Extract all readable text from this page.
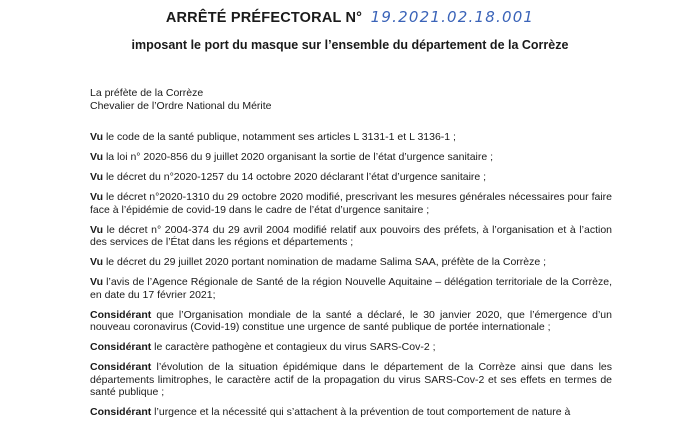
ARRÊTÉ PRÉFECTORAL N° 19.2021.02.18.001
imposant le port du masque sur l’ensemble du département de la Corrèze
La préfète de la Corrèze
Chevalier de l’Ordre National du Mérite

Vu le code de la santé publique, notamment ses articles L 3131-1 et L 3136-1 ;

Vu la loi n° 2020-856 du 9 juillet 2020 organisant la sortie de l’état d’urgence sanitaire ;

Vu le décret du n°2020-1257 du 14 octobre 2020 déclarant l’état d’urgence sanitaire ;

Vu le décret n°2020-1310 du 29 octobre 2020 modifié, prescrivant les mesures générales nécessaires pour faire face à l’épidémie de covid-19 dans le cadre de l’état d’urgence sanitaire ;

Vu le décret n° 2004-374 du 29 avril 2004 modifié relatif aux pouvoirs des préfets, à l’organisation et à l’action des services de l’État dans les régions et départements ;

Vu le décret du 29 juillet 2020 portant nomination de madame Salima SAA, préfète de la Corrèze ;

Vu l’avis de l’Agence Régionale de Santé de la région Nouvelle Aquitaine – délégation territoriale de la Corrèze, en date du 17 février 2021;

Considérant que l’Organisation mondiale de la santé a déclaré, le 30 janvier 2020, que l’émergence d’un nouveau coronavirus (Covid-19) constitue une urgence de santé publique de portée internationale ;

Considérant le caractère pathogène et contagieux du virus SARS-Cov-2 ;

Considérant l’évolution de la situation épidémique dans le département de la Corrèze ainsi que dans les départements limitrophes, le caractère actif de la propagation du virus SARS-Cov-2 et ses effets en termes de santé publique ;

Considérant l’urgence et la nécessité qui s’attachent à la prévention de tout comportement de nature à
